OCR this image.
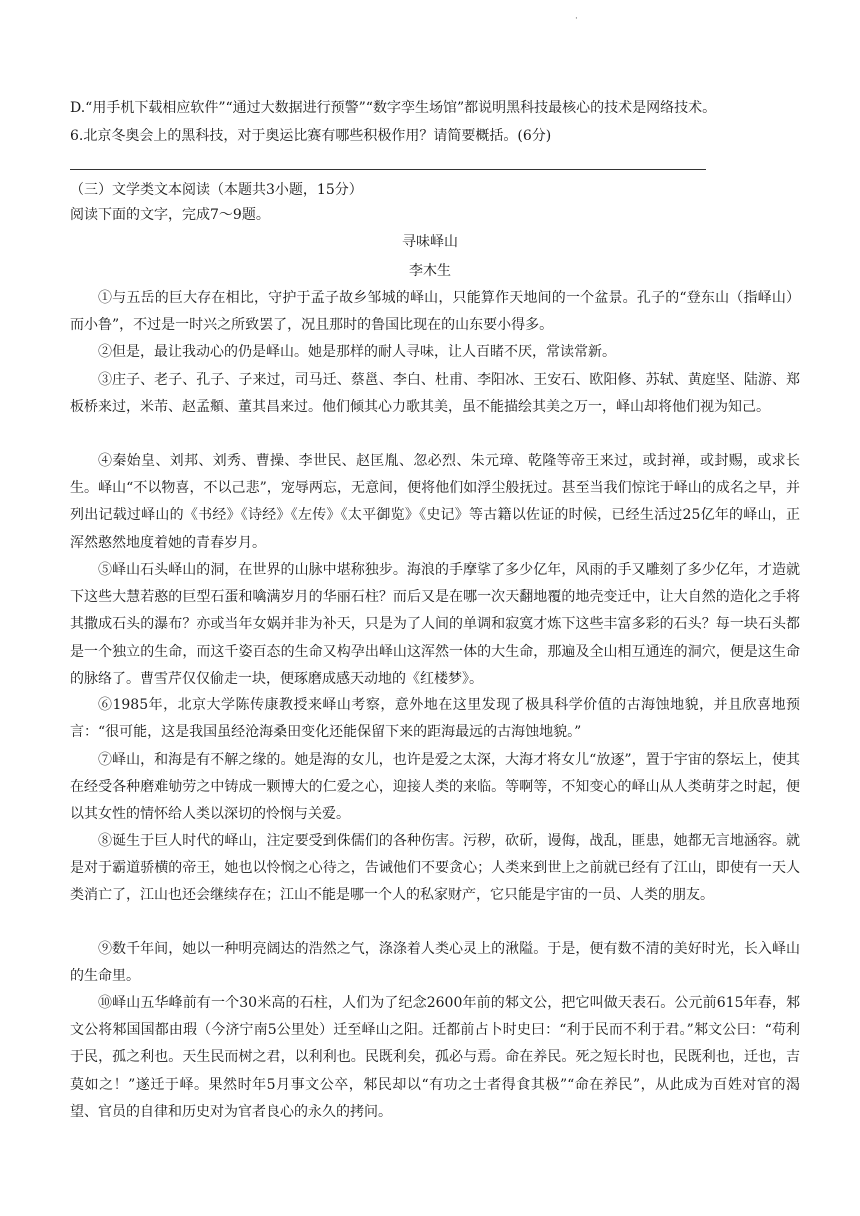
·
D.“用手机下载相应软件”“通过大数据进行预警”“数字孪生场馆”都说明黑科技最核心的技术是网络技术。
6.北京冬奥会上的黑科技，对于奥运比赛有哪些积极作用？请简要概括。(6分)
（三）文学类文本阅读（本题共3小题，15分）
阅读下面的文字，完成7～9题。
寻味峄山
李木生

①与五岳的巨大存在相比，守护于孟子故乡邹城的峄山，只能算作天地间的一个盆景。孔子的“登东山（指峄山）而小鲁”，不过是一时兴之所致罢了，况且那时的鲁国比现在的山东要小得多。

②但是，最让我动心的仍是峄山。她是那样的耐人寻味，让人百睹不厌，常读常新。

③庄子、老子、孔子、子来过，司马迁、蔡邕、李白、杜甫、李阳冰、王安石、欧阳修、苏轼、黄庭坚、陆游、郑板桥来过，米芾、赵孟頫、董其昌来过。他们倾其心力歌其美，虽不能描绘其美之万一，峄山却将他们视为知己。

④秦始皇、刘邦、刘秀、曹操、李世民、赵匡胤、忽必烈、朱元璋、乾隆等帝王来过，或封禅，或封赐，或求长生。峄山“不以物喜，不以己悲”，宠辱两忘，无意间，便将他们如浮尘般抚过。甚至当我们惊诧于峄山的成名之早，并列出记载过峄山的《书经》《诗经》《左传》《太平御览》《史记》等古籍以佐证的时候，已经生活过25亿年的峄山，正浑然憨然地度着她的青春岁月。

⑤峄山石头峄山的洞，在世界的山脉中堪称独步。海浪的手摩挲了多少亿年，风雨的手又雕刻了多少亿年，才造就下这些大慧若憨的巨型石蛋和噙满岁月的华丽石柱？而后又是在哪一次天翻地覆的地壳变迁中，让大自然的造化之手将其撒成石头的瀑布？亦或当年女娲并非为补天，只是为了人间的单调和寂寞才炼下这些丰富多彩的石头？每一块石头都是一个独立的生命，而这千姿百态的生命又构孕出峄山这浑然一体的大生命，那遍及全山相互通连的洞穴，便是这生命的脉络了。曹雪芹仅仅偷走一块，便琢磨成感天动地的《红楼梦》。

⑥1985年，北京大学陈传康教授来峄山考察，意外地在这里发现了极具科学价值的古海蚀地貌，并且欣喜地预言：“很可能，这是我国虽经沧海桑田变化还能保留下来的距海最远的古海蚀地貌。”

⑦峄山，和海是有不解之缘的。她是海的女儿，也许是爱之太深，大海才将女儿“放逐”，置于宇宙的祭坛上，使其在经受各种磨难劬劳之中铸成一颗博大的仁爱之心，迎接人类的来临。等啊等，不知变心的峄山从人类萌芽之时起，便以其女性的情怀给人类以深切的怜悯与关爱。

⑧诞生于巨人时代的峄山，注定要受到侏儒们的各种伤害。污秽，砍斫，谩侮，战乱，匪患，她都无言地涵容。就是对于霸道骄横的帝王，她也以怜悯之心待之，告诫他们不要贪心；人类来到世上之前就已经有了江山，即使有一天人类消亡了，江山也还会继续存在；江山不能是哪一个人的私家财产，它只能是宇宙的一员、人类的朋友。

⑨数千年间，她以一种明亮阔达的浩然之气，涤涤着人类心灵上的湫隘。于是，便有数不清的美好时光，长入峄山的生命里。

⑩峄山五华峰前有一个30米高的石柱，人们为了纪念2600年前的邾文公，把它叫做天表石。公元前615年春，邾文公将邾国国都由瑕（今济宁南5公里处）迁至峄山之阳。迁都前占卜时史曰：“利于民而不利于君。”邾文公曰：“苟利于民，孤之利也。天生民而树之君，以利利也。民既利矣，孤必与焉。命在养民。死之短长时也，民既利也，迁也，吉莫如之！”遂迁于峄。果然时年5月事文公卒，邾民却以“有功之士者得食其极”“命在养民”，从此成为百姓对官的渴望、官员的自律和历史对为官者良心的永久的拷问。
